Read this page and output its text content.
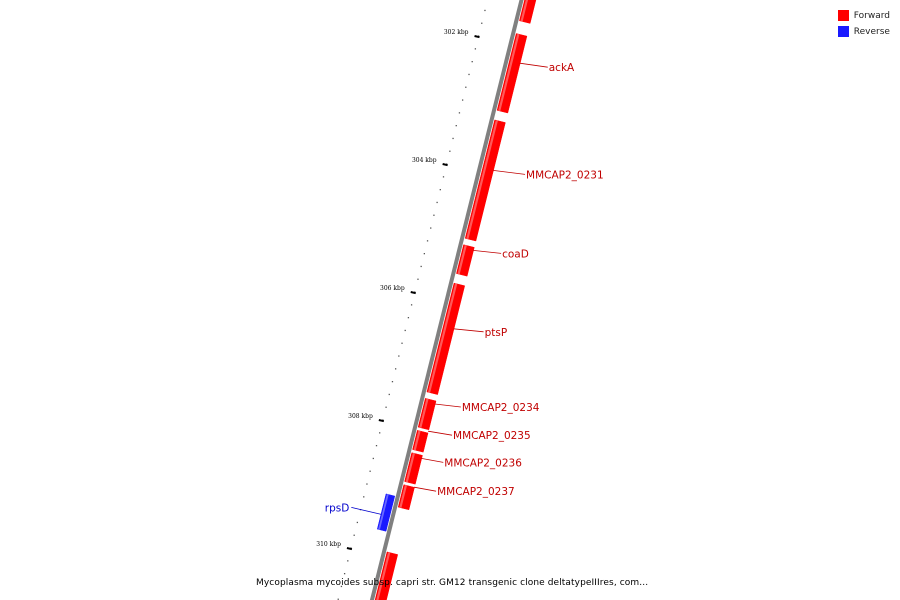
302 kbp
304 kbp
306 kbp
308 kbp
310 kbp
ackA
MMCAP2_0231
coaD
ptsP
MMCAP2_0234
MMCAP2_0235
MMCAP2_0236
MMCAP2_0237
rpsD
Forward
Reverse
Mycoplasma mycoides subsp. capri str. GM12 transgenic clone deltatypeIIIres, com...
